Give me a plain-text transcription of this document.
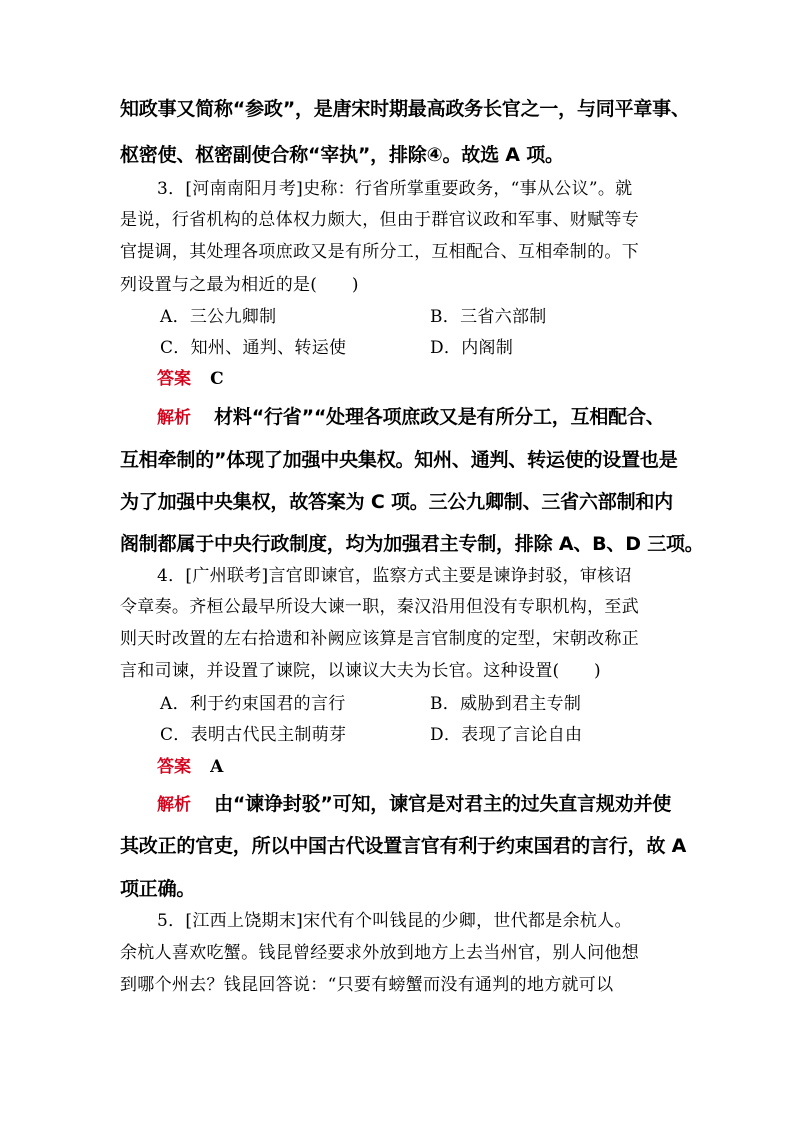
知政事又简称“参政”，是唐宋时期最高政务长官之一，与同平章事、
枢密使、枢密副使合称“宰执”，排除④。故选 A 项。
3．[河南南阳月考]史称：行省所掌重要政务，“事从公议”。就
是说，行省机构的总体权力颇大，但由于群官议政和军事、财赋等专
官提调，其处理各项庶政又是有所分工，互相配合、互相牵制的。下
列设置与之最为相近的是(　　)
A．三公九卿制	B．三省六部制
C．知州、通判、转运使	D．内阁制
答案 C
解析 材料“行省”“处理各项庶政又是有所分工，互相配合、
互相牵制的”体现了加强中央集权。知州、通判、转运使的设置也是
为了加强中央集权，故答案为 C 项。三公九卿制、三省六部制和内
阁制都属于中央行政制度，均为加强君主专制，排除 A、B、D 三项。
4．[广州联考]言官即谏官，监察方式主要是谏诤封驳，审核诏
令章奏。齐桓公最早所设大谏一职，秦汉沿用但没有专职机构，至武
则天时改置的左右拾遗和补阙应该算是言官制度的定型，宋朝改称正
言和司谏，并设置了谏院，以谏议大夫为长官。这种设置(　　)
A．利于约束国君的言行	B．威胁到君主专制
C．表明古代民主制萌芽	D．表现了言论自由
答案 A
解析 由“谏诤封驳”可知，谏官是对君主的过失直言规劝并使
其改正的官吏，所以中国古代设置言官有利于约束国君的言行，故 A
项正确。
5．[江西上饶期末]宋代有个叫钱昆的少卿，世代都是余杭人。
余杭人喜欢吃蟹。钱昆曾经要求外放到地方上去当州官，别人问他想
到哪个州去？钱昆回答说：“只要有螃蟹而没有通判的地方就可以
